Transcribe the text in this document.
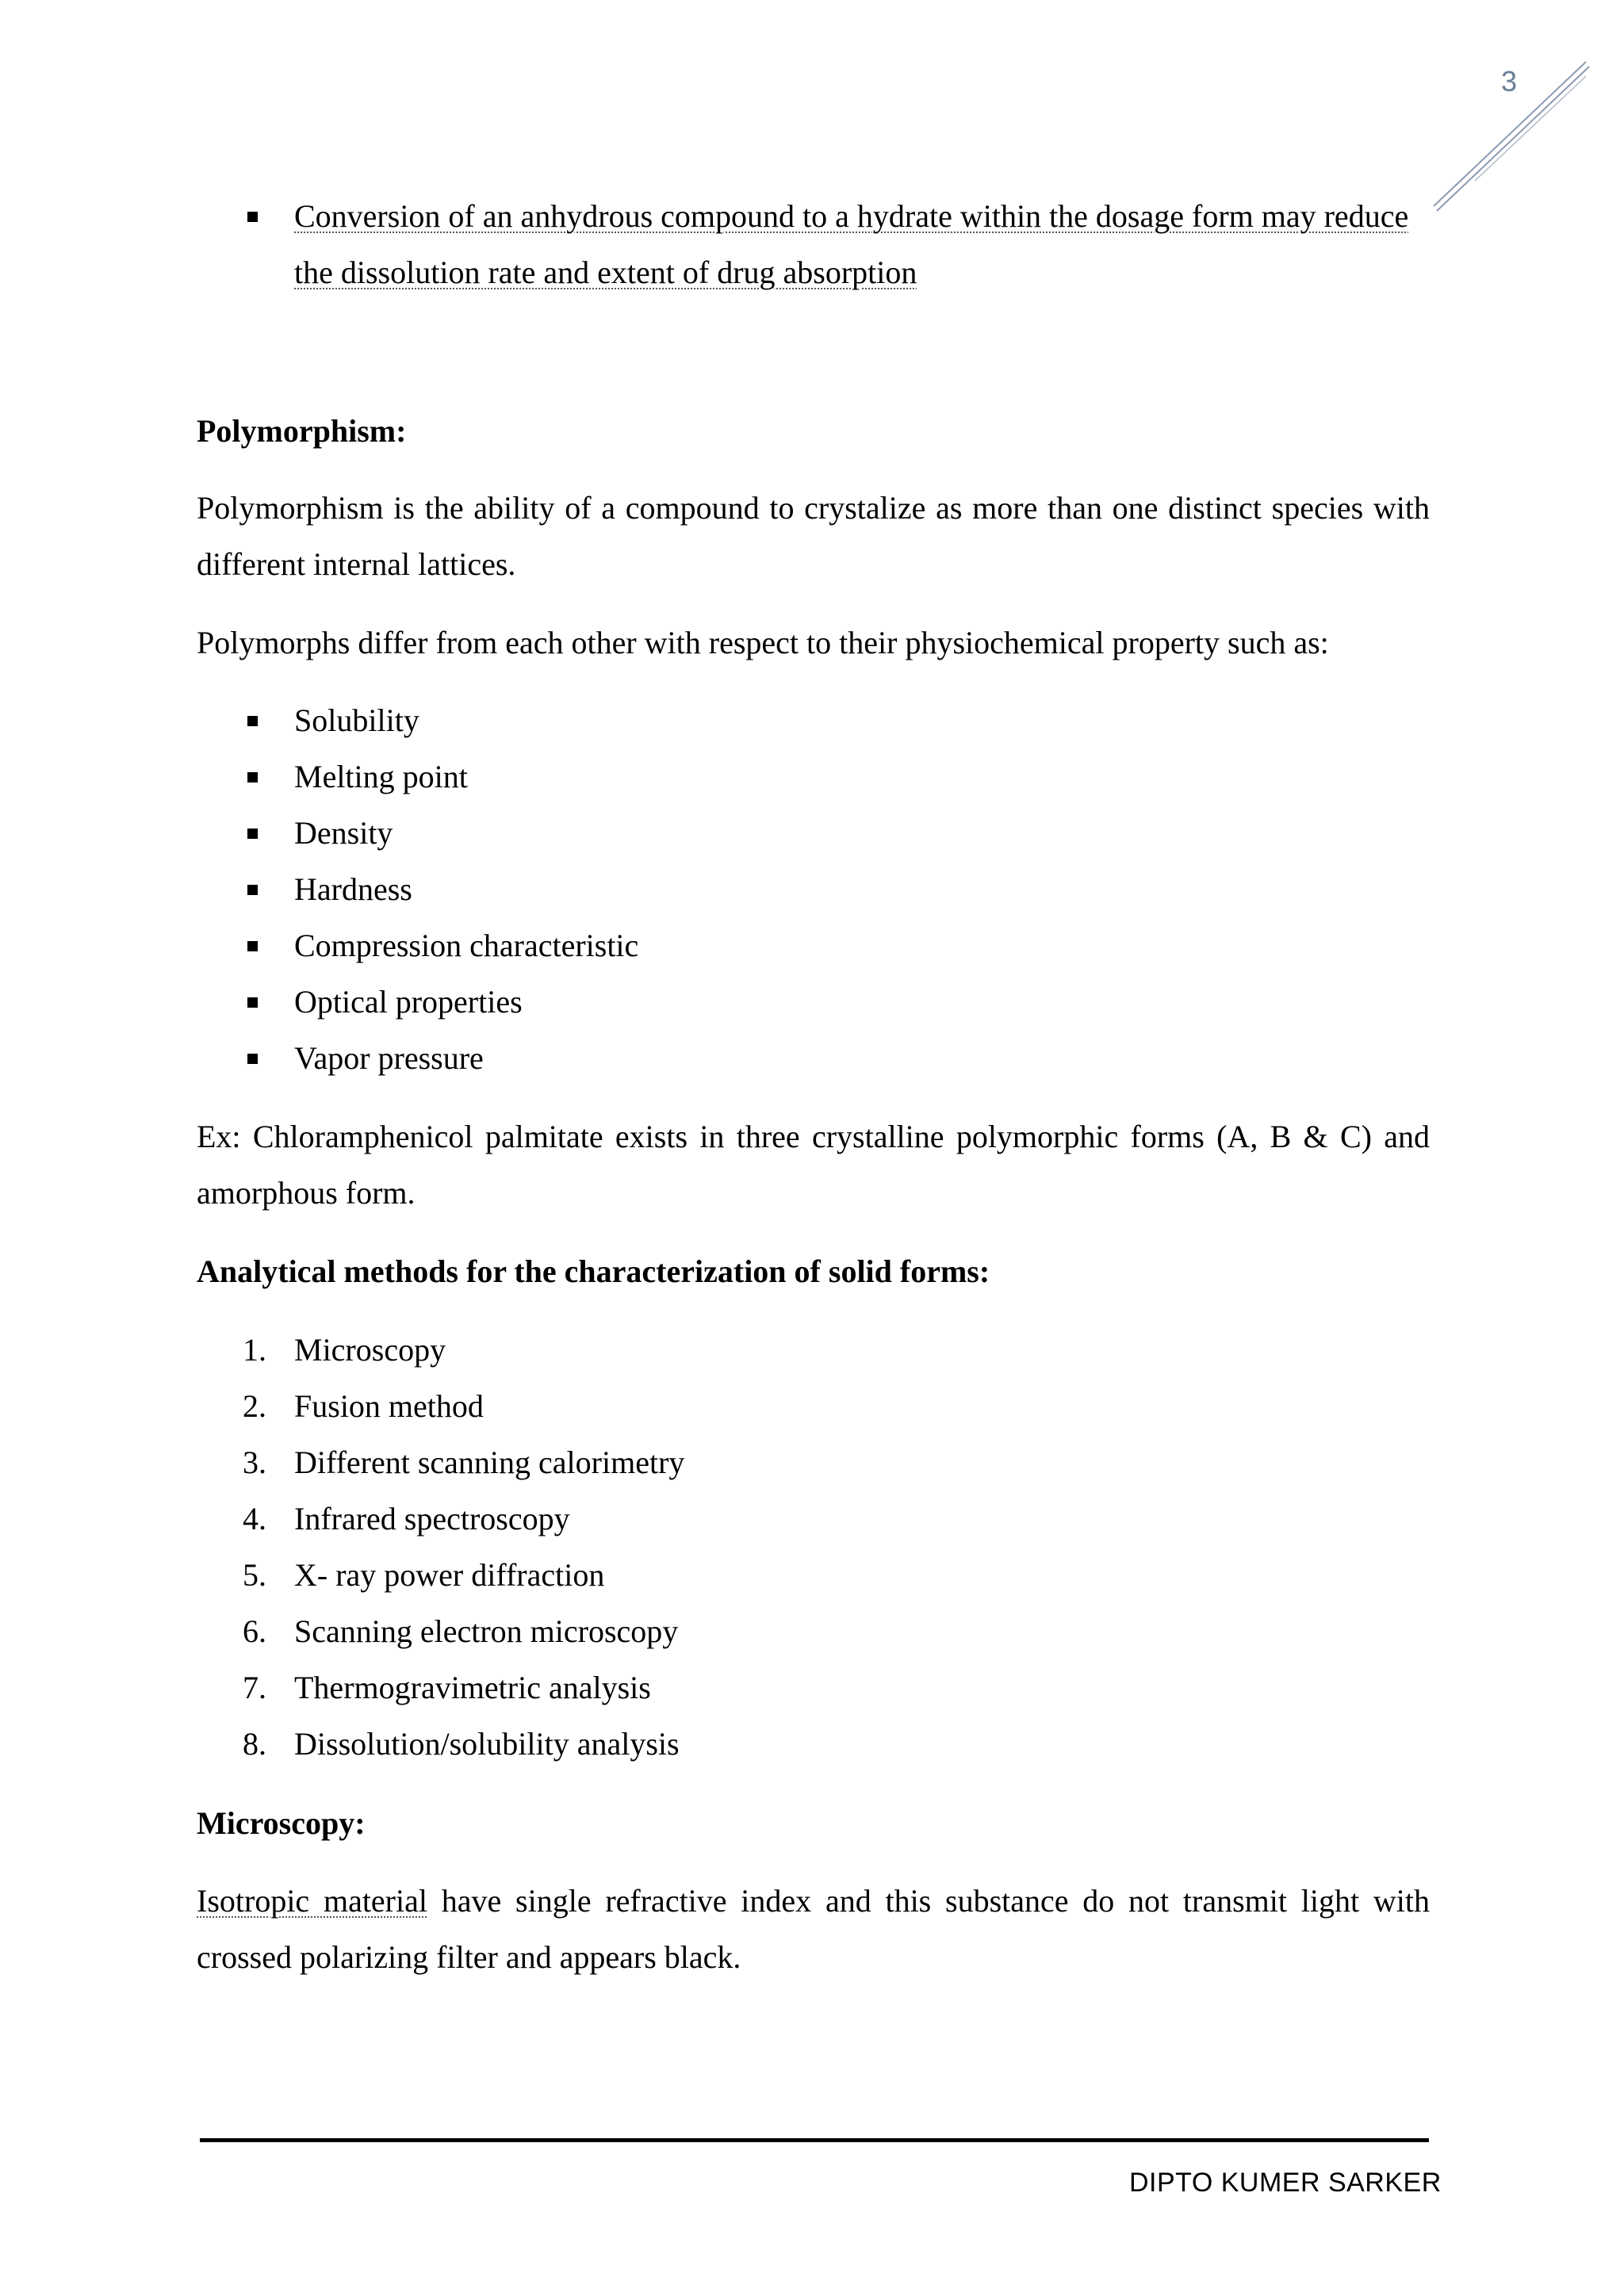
3
Conversion of an anhydrous compound to a hydrate within the dosage form may reduce
the dissolution rate and extent of drug absorption
Polymorphism:
Polymorphism is the ability of a compound to crystalize as more than one distinct species with
different internal lattices.
Polymorphs differ from each other with respect to their physiochemical property such as:
Solubility
Melting point
Density
Hardness
Compression characteristic
Optical properties
Vapor pressure
Ex: Chloramphenicol palmitate exists in three crystalline polymorphic forms (A, B & C) and
amorphous form.
Analytical methods for the characterization of solid forms:
1. Microscopy
2. Fusion method
3. Different scanning calorimetry
4. Infrared spectroscopy
5. X- ray power diffraction
6. Scanning electron microscopy
7. Thermogravimetric analysis
8. Dissolution/solubility analysis
Microscopy:
Isotropic material have single refractive index and this substance do not transmit light with
crossed polarizing filter and appears black.
DIPTO KUMER SARKER
